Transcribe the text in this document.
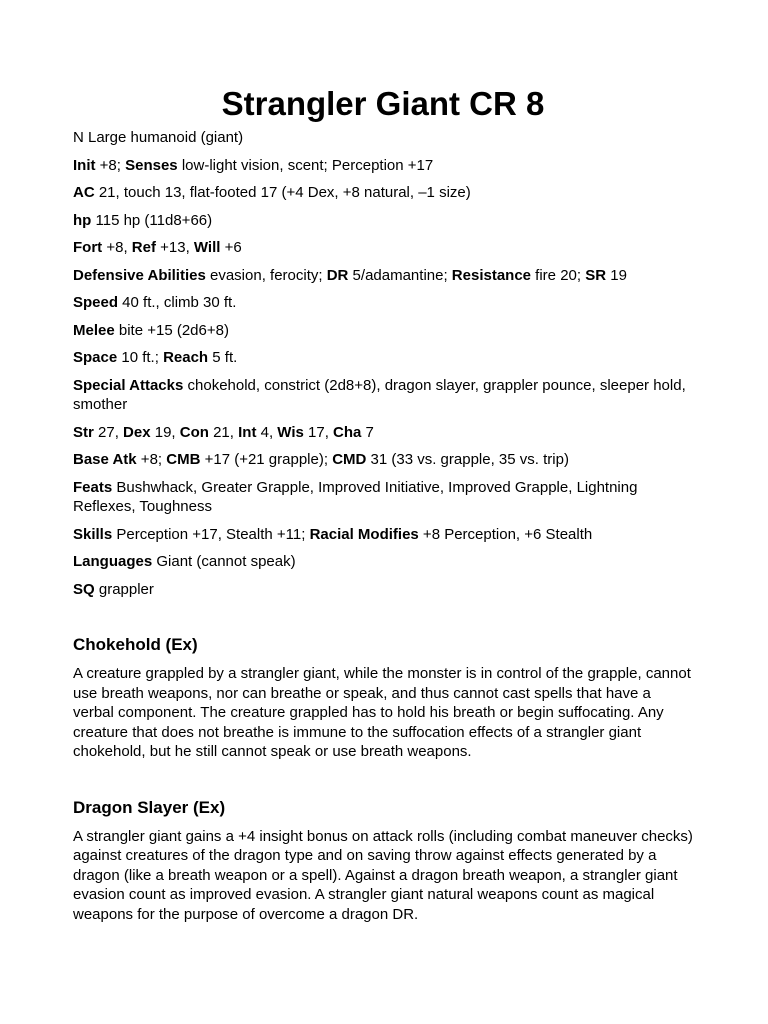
Strangler Giant CR 8

N Large humanoid (giant)

Init +8; Senses low-light vision, scent; Perception +17

AC 21, touch 13, flat-footed 17 (+4 Dex, +8 natural, –1 size)

hp 115 hp (11d8+66)

Fort +8, Ref +13, Will +6

Defensive Abilities evasion, ferocity; DR 5/adamantine; Resistance fire 20; SR 19

Speed 40 ft., climb 30 ft.

Melee bite +15 (2d6+8)

Space 10 ft.; Reach 5 ft.

Special Attacks chokehold, constrict (2d8+8), dragon slayer, grappler pounce, sleeper hold, smother

Str 27, Dex 19, Con 21, Int 4, Wis 17, Cha 7

Base Atk +8; CMB +17 (+21 grapple); CMD 31 (33 vs. grapple, 35 vs. trip)

Feats Bushwhack, Greater Grapple, Improved Initiative, Improved Grapple, Lightning Reflexes, Toughness

Skills Perception +17, Stealth +11; Racial Modifies +8 Perception, +6 Stealth

Languages Giant (cannot speak)

SQ grappler

Chokehold (Ex)

A creature grappled by a strangler giant, while the monster is in control of the grapple, cannot use breath weapons, nor can breathe or speak, and thus cannot cast spells that have a verbal component. The creature grappled has to hold his breath or begin suffocating. Any creature that does not breathe is immune to the suffocation effects of a strangler giant chokehold, but he still cannot speak or use breath weapons.

Dragon Slayer (Ex)

A strangler giant gains a +4 insight bonus on attack rolls (including combat maneuver checks) against creatures of the dragon type and on saving throw against effects generated by a dragon (like a breath weapon or a spell). Against a dragon breath weapon, a strangler giant evasion count as improved evasion. A strangler giant natural weapons count as magical weapons for the purpose of overcome a dragon DR.
